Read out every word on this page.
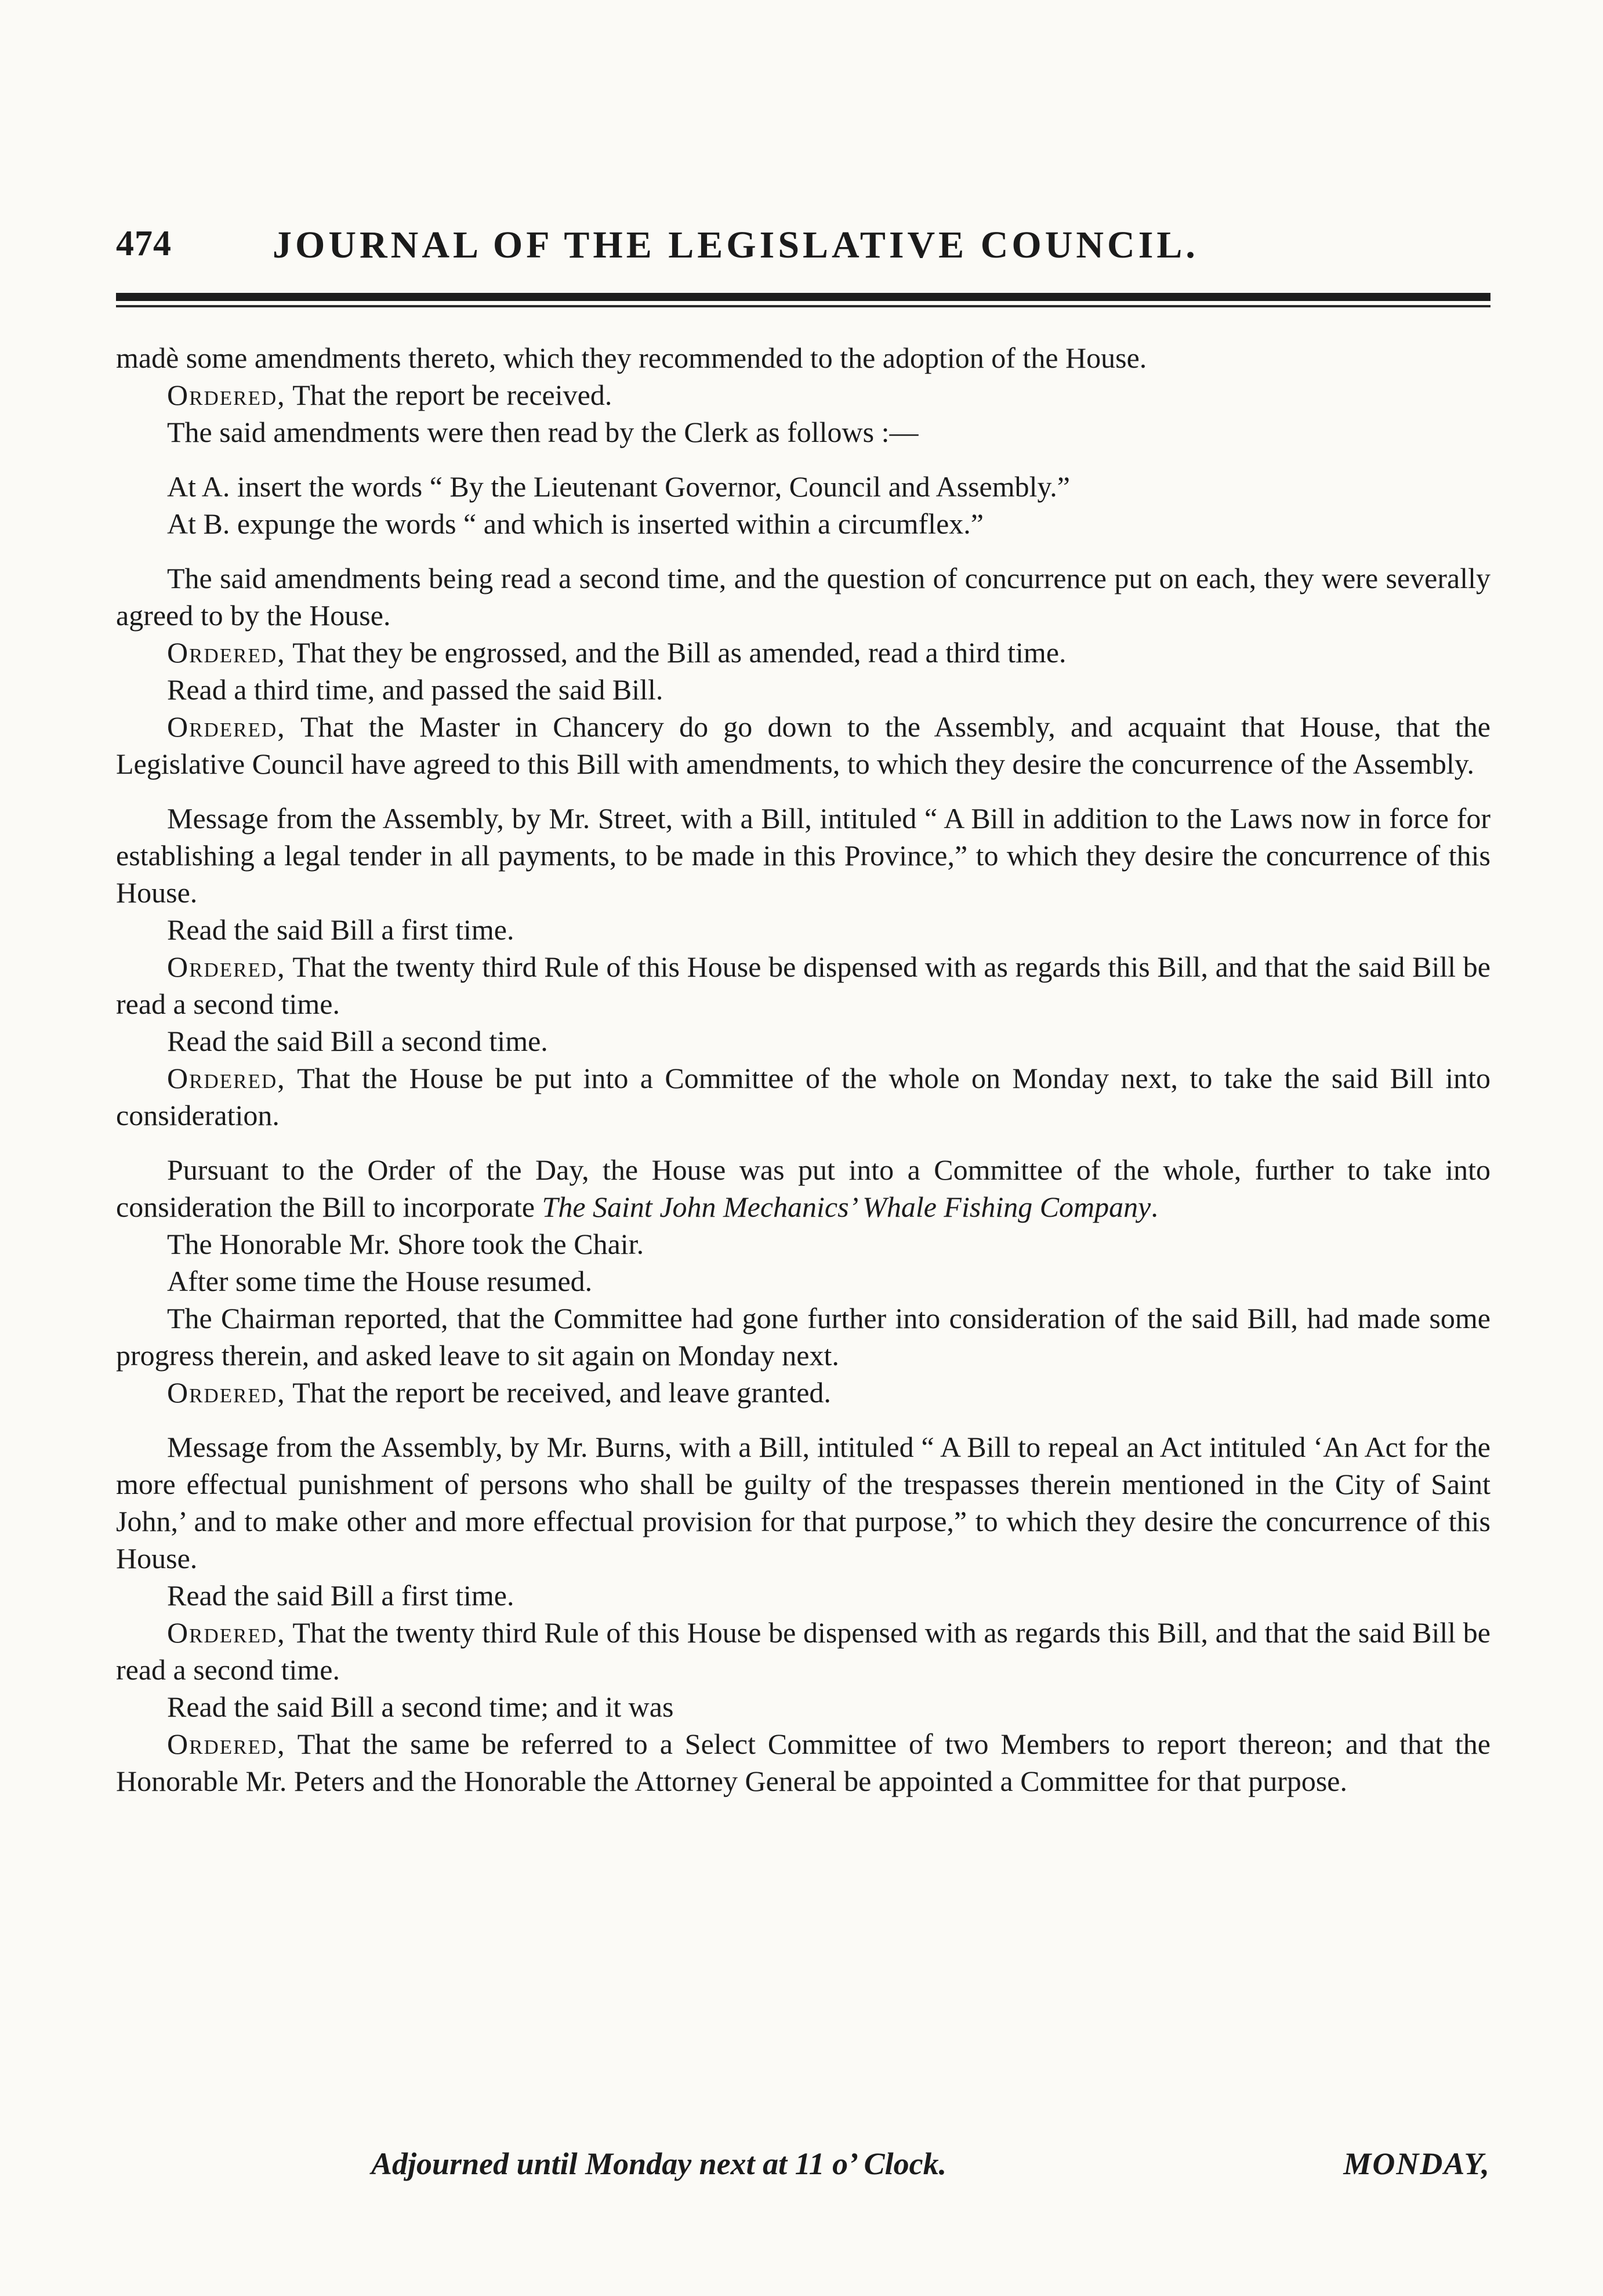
474	JOURNAL OF THE LEGISLATIVE COUNCIL.

madè some amendments thereto, which they recommended to the adoption of the House.

Ordered, That the report be received.

The said amendments were then read by the Clerk as follows :—

At A. insert the words “ By the Lieutenant Governor, Council and Assembly.”

At B. expunge the words “ and which is inserted within a circumflex.”

The said amendments being read a second time, and the question of concurrence put on each, they were severally agreed to by the House.

Ordered, That they be engrossed, and the Bill as amended, read a third time.

Read a third time, and passed the said Bill.

Ordered, That the Master in Chancery do go down to the Assembly, and acquaint that House, that the Legislative Council have agreed to this Bill with amendments, to which they desire the concurrence of the Assembly.

Message from the Assembly, by Mr. Street, with a Bill, intituled “ A Bill in addition to the Laws now in force for establishing a legal tender in all payments, to be made in this Province,” to which they desire the concurrence of this House.

Read the said Bill a first time.

Ordered, That the twenty third Rule of this House be dispensed with as regards this Bill, and that the said Bill be read a second time.

Read the said Bill a second time.

Ordered, That the House be put into a Committee of the whole on Monday next, to take the said Bill into consideration.

Pursuant to the Order of the Day, the House was put into a Committee of the whole, further to take into consideration the Bill to incorporate The Saint John Mechanics’ Whale Fishing Company.

The Honorable Mr. Shore took the Chair.

After some time the House resumed.

The Chairman reported, that the Committee had gone further into consideration of the said Bill, had made some progress therein, and asked leave to sit again on Monday next.

Ordered, That the report be received, and leave granted.

Message from the Assembly, by Mr. Burns, with a Bill, intituled “ A Bill to repeal an Act intituled ‘An Act for the more effectual punishment of persons who shall be guilty of the trespasses therein mentioned in the City of Saint John,’ and to make other and more effectual provision for that purpose,” to which they desire the concurrence of this House.

Read the said Bill a first time.

Ordered, That the twenty third Rule of this House be dispensed with as regards this Bill, and that the said Bill be read a second time.

Read the said Bill a second time; and it was

Ordered, That the same be referred to a Select Committee of two Members to report thereon; and that the Honorable Mr. Peters and the Honorable the Attorney General be appointed a Committee for that purpose.

Adjourned until Monday next at 11 o’ Clock.	MONDAY,
